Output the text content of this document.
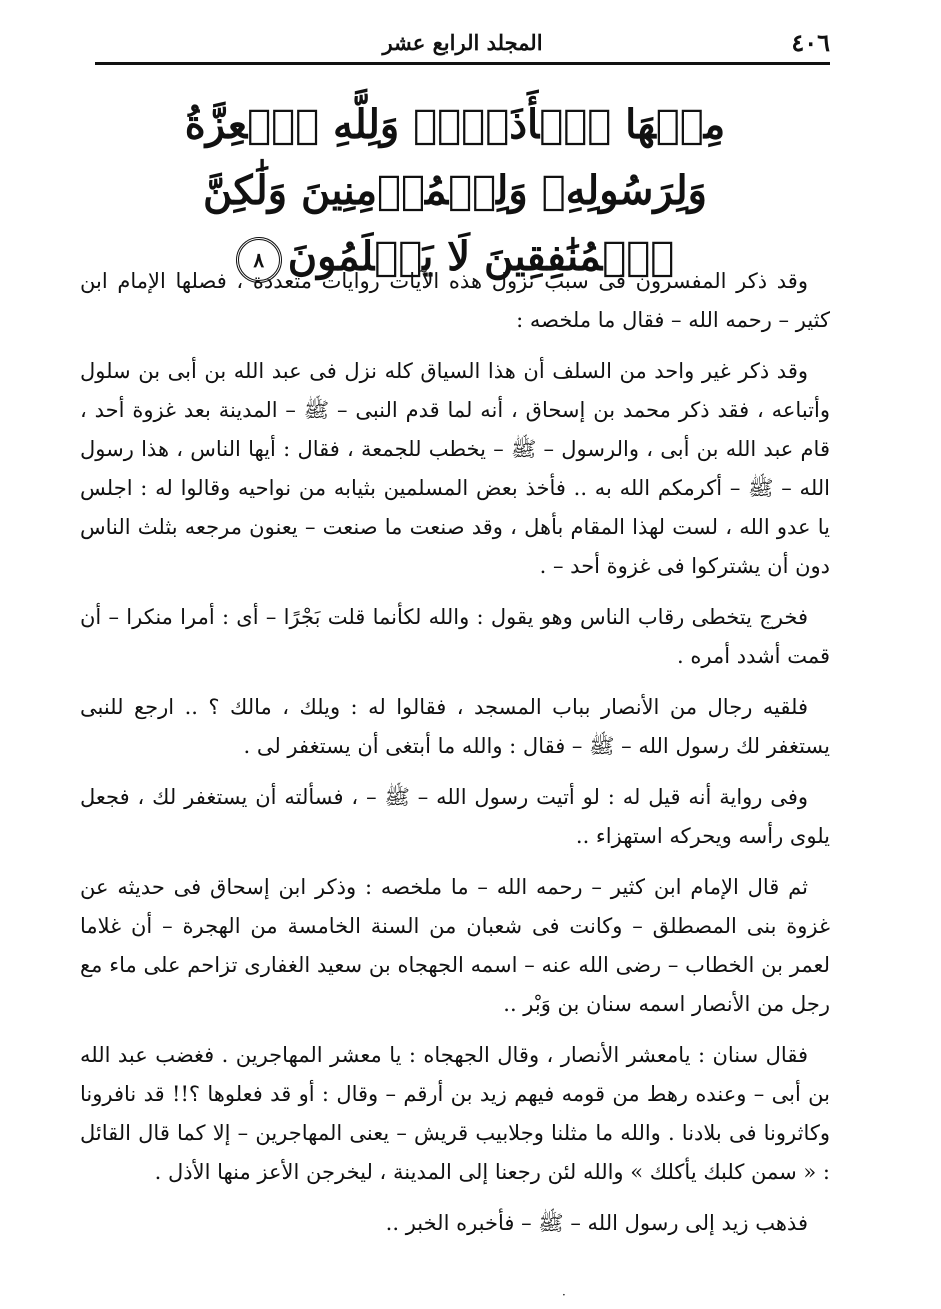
٤٠٦
المجلد الرابع عشر
مِنۡهَا ٱلۡأَذَلَّۚ وَلِلَّهِ ٱلۡعِزَّةُ وَلِرَسُولِهِۦ وَلِلۡمُؤۡمِنِينَ وَلَٰكِنَّ
ٱلۡمُنَٰفِقِينَ لَا يَعۡلَمُونَ٨

وقد ذكر المفسرون فى سبب نزول هذه الآيات روايات متعددة ، فصلها الإمام ابن كثير – رحمه الله – فقال ما ملخصه :

وقد ذكر غير واحد من السلف أن هذا السياق كله نزل فى عبد الله بن أبى بن سلول وأتباعه ، فقد ذكر محمد بن إسحاق ، أنه لما قدم النبى – ﷺ – المدينة بعد غزوة أحد ، قام عبد الله بن أبى ، والرسول – ﷺ – يخطب للجمعة ، فقال : أيها الناس ، هذا رسول الله – ﷺ – أكرمكم الله به .. فأخذ بعض المسلمين بثيابه من نواحيه وقالوا له : اجلس يا عدو الله ، لست لهذا المقام بأهل ، وقد صنعت ما صنعت – يعنون مرجعه بثلث الناس دون أن يشتركوا فى غزوة أحد – .

فخرج يتخطى رقاب الناس وهو يقول : والله لكأنما قلت بَجْرًا – أى : أمرا منكرا – أن قمت أشدد أمره .

فلقيه رجال من الأنصار بباب المسجد ، فقالوا له : ويلك ، مالك ؟ .. ارجع للنبى يستغفر لك رسول الله – ﷺ – فقال : والله ما أبتغى أن يستغفر لى .

وفى رواية أنه قيل له : لو أتيت رسول الله – ﷺ – ، فسألته أن يستغفر لك ، فجعل يلوى رأسه ويحركه استهزاء ..

ثم قال الإمام ابن كثير – رحمه الله – ما ملخصه : وذكر ابن إسحاق فى حديثه عن غزوة بنى المصطلق – وكانت فى شعبان من السنة الخامسة من الهجرة – أن غلاما لعمر بن الخطاب – رضى الله عنه – اسمه الجهجاه بن سعيد الغفارى تزاحم على ماء مع رجل من الأنصار اسمه سنان بن وَبْر ..

فقال سنان : يامعشر الأنصار ، وقال الجهجاه : يا معشر المهاجرين . فغضب عبد الله بن أبى – وعنده رهط من قومه فيهم زيد بن أرقم – وقال : أو قد فعلوها ؟!! قد نافرونا وكاثرونا فى بلادنا . والله ما مثلنا وجلابيب قريش – يعنى المهاجرين – إلا كما قال القائل : « سمن كلبك يأكلك » والله لئن رجعنا إلى المدينة ، ليخرجن الأعز منها الأذل .

فذهب زيد إلى رسول الله – ﷺ – فأخبره الخبر ..

·
